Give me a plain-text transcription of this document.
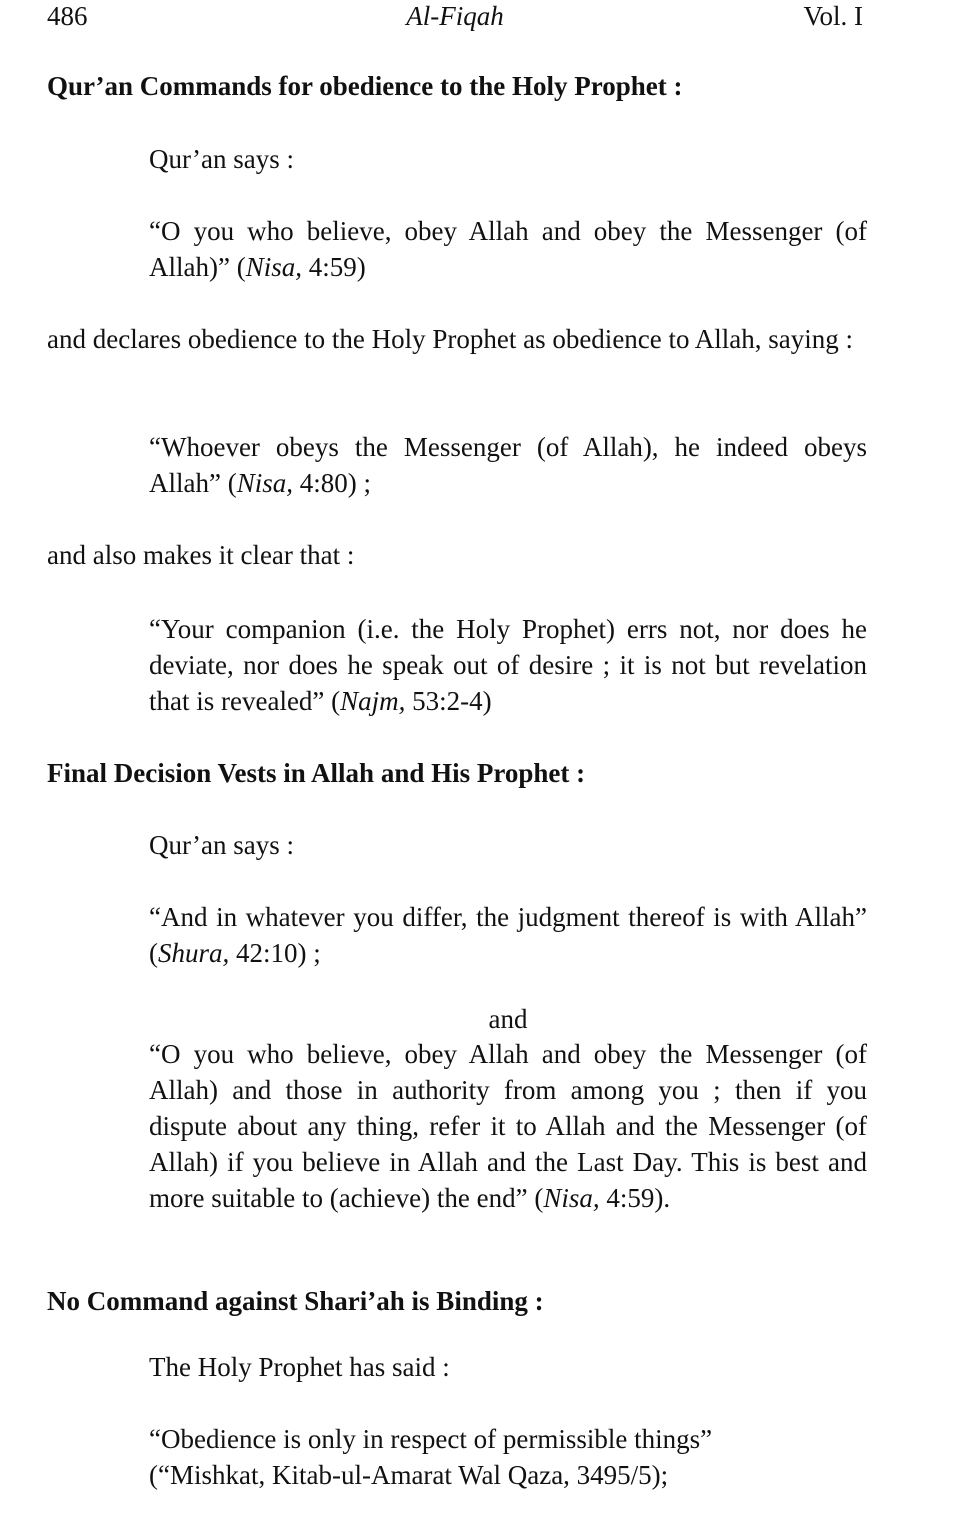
486	Al-Fiqah	Vol. I

Qur’an Commands for obedience to the Holy Prophet :

Qur’an says :

“O you who believe, obey Allah and obey the Messenger (of Allah)” (Nisa, 4:59)

and declares obedience to the Holy Prophet as obedience to Allah, saying :

“Whoever obeys the Messenger (of Allah), he indeed obeys Allah” (Nisa, 4:80) ;

and also makes it clear that :

“Your companion (i.e. the Holy Prophet) errs not, nor does he deviate, nor does he speak out of desire ; it is not but revelation that is revealed” (Najm, 53:2-4)

Final Decision Vests in Allah and His Prophet :

Qur’an says :

“And in whatever you differ, the judgment thereof is with Allah” (Shura, 42:10) ;

and

“O you who believe, obey Allah and obey the Messenger (of Allah) and those in authority from among you ; then if you dispute about any thing, refer it to Allah and the Messenger (of Allah) if you believe in Allah and the Last Day. This is best and more suitable to (achieve) the end” (Nisa, 4:59).

No Command against Shari’ah is Binding :

The Holy Prophet has said :

“Obedience is only in respect of permissible things”
(“Mishkat, Kitab-ul-Amarat Wal Qaza, 3495/5);
